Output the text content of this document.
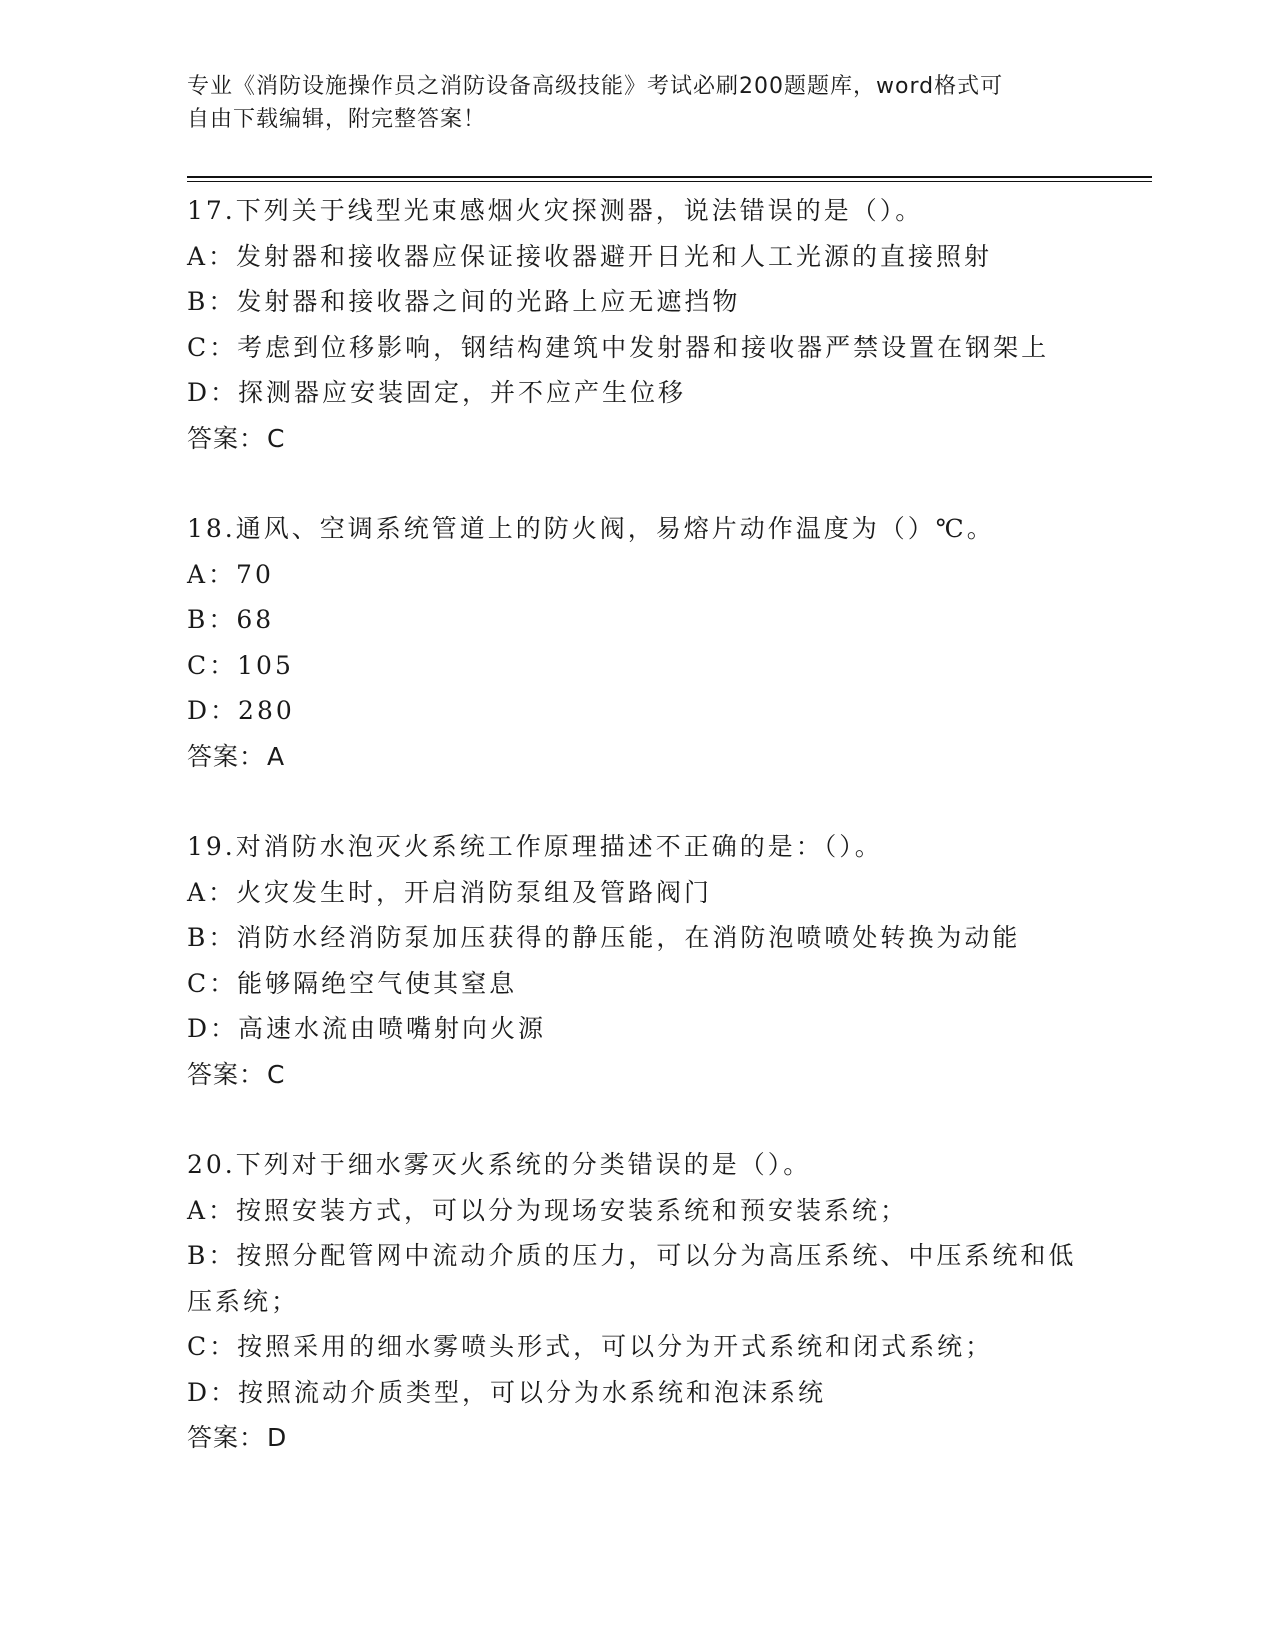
专业《消防设施操作员之消防设备高级技能》考试必刷200题题库，word格式可
自由下载编辑，附完整答案！

17.下列关于线型光束感烟火灾探测器，说法错误的是（）。

A：发射器和接收器应保证接收器避开日光和人工光源的直接照射

B：发射器和接收器之间的光路上应无遮挡物

C：考虑到位移影响，钢结构建筑中发射器和接收器严禁设置在钢架上

D：探测器应安装固定，并不应产生位移

答案：C

18.通风、空调系统管道上的防火阀，易熔片动作温度为（）℃。

A：70

B：68

C：105

D：280

答案：A

19.对消防水泡灭火系统工作原理描述不正确的是：（）。

A：火灾发生时，开启消防泵组及管路阀门

B：消防水经消防泵加压获得的静压能，在消防泡喷喷处转换为动能

C：能够隔绝空气使其窒息

D：高速水流由喷嘴射向火源

答案：C

20.下列对于细水雾灭火系统的分类错误的是（）。

A：按照安装方式，可以分为现场安装系统和预安装系统；

B：按照分配管网中流动介质的压力，可以分为高压系统、中压系统和低压系统；

C：按照采用的细水雾喷头形式，可以分为开式系统和闭式系统；

D：按照流动介质类型，可以分为水系统和泡沫系统

答案：D
